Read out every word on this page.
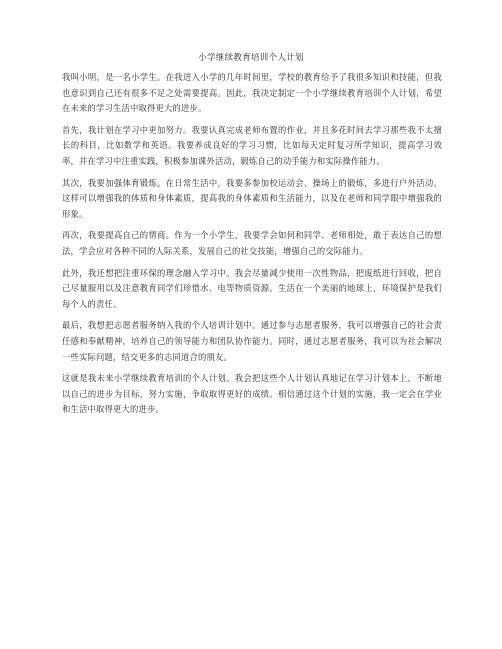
小学继续教育培训个人计划

我叫小明，是一名小学生。在我进入小学的几年时间里，学校的教育给予了我很多知识和技能，但我也意识到自己还有很多不足之处需要提高。因此，我决定制定一个小学继续教育培训个人计划，希望在未来的学习生活中取得更大的进步。

首先，我计划在学习中更加努力。我要认真完成老师布置的作业，并且多花时间去学习那些我不太擅长的科目，比如数学和英语。我要养成良好的学习习惯，比如每天定时复习所学知识，提高学习效率，并在学习中注重实践，积极参加课外活动，锻炼自己的动手能力和实际操作能力。

其次，我要加强体育锻炼。在日常生活中，我要多参加校运动会、操场上的锻炼，多进行户外活动。这样可以增强我的体质和身体素质，提高我的身体素质和生活能力，以及在老师和同学眼中增强我的形象。

再次，我要提高自己的情商。作为一个小学生，我要学会如何和同学、老师相处，敢于表达自己的想法，学会应对各种不同的人际关系，发展自己的社交技能，增强自己的交际能力。

此外，我还想把注重环保的理念融入学习中。我会尽量减少使用一次性物品，把废纸进行回收，把自己尽量服用以及注意教育同学们珍惜水、电等物质资源。生活在一个美丽的地球上，环境保护是我们每个人的责任。

最后，我想把志愿者服务纳入我的个人培训计划中。通过参与志愿者服务，我可以增强自己的社会责任感和奉献精神，培养自己的领导能力和团队协作能力。同时，通过志愿者服务，我可以为社会解决一些实际问题，结交更多的志同道合的朋友。

这就是我未来小学继续教育培训的个人计划。我会把这些个人计划认真地记在学习计划本上，不断地以自己的进步为目标，努力实施，争取取得更好的成绩。相信通过这个计划的实施，我一定会在学业和生活中取得更大的进步。
